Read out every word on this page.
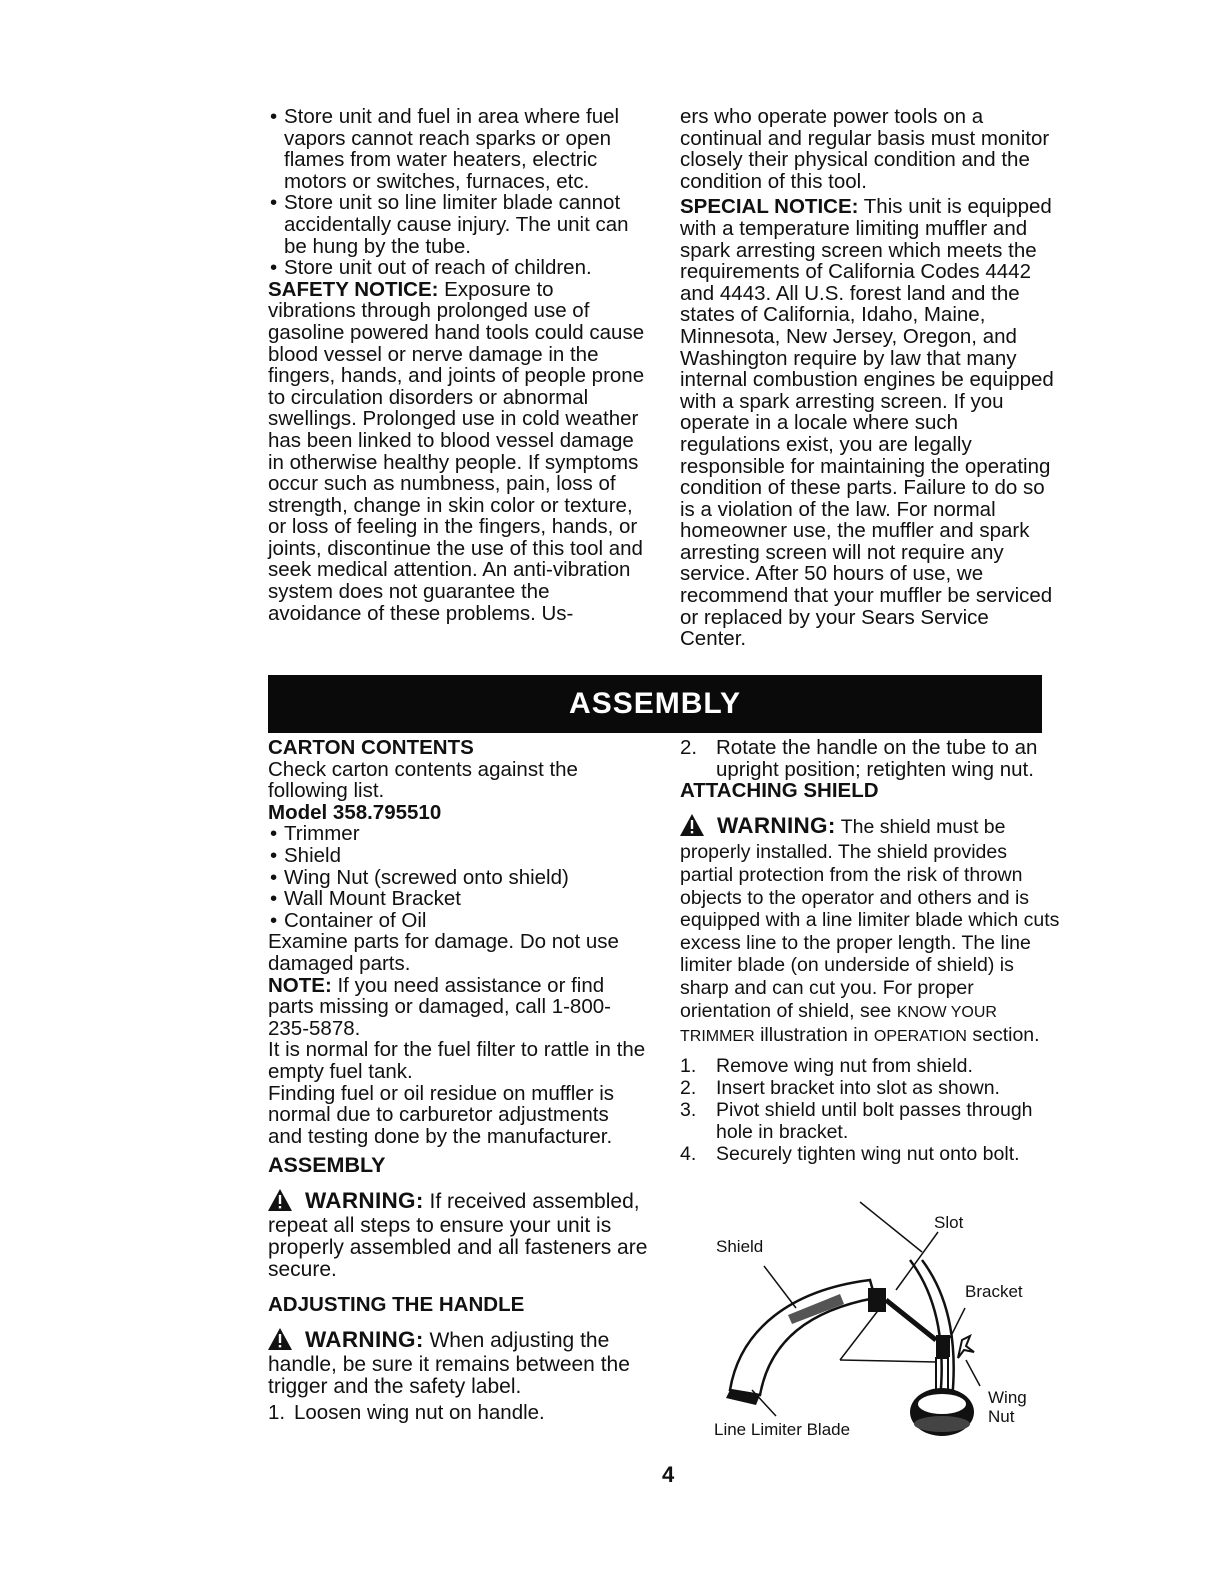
• Store unit and fuel in area where fuel vapors cannot reach sparks or open flames from water heaters, electric motors or switches, furnaces, etc.
• Store unit so line limiter blade cannot accidentally cause injury. The unit can be hung by the tube.
• Store unit out of reach of children.

SAFETY NOTICE: Exposure to vibrations through prolonged use of gasoline powered hand tools could cause blood vessel or nerve damage in the fingers, hands, and joints of people prone to circulation disorders or abnormal swellings. Prolonged use in cold weather has been linked to blood vessel damage in otherwise healthy people. If symptoms occur such as numbness, pain, loss of strength, change in skin color or texture, or loss of feeling in the fingers, hands, or joints, discontinue the use of this tool and seek medical attention. An anti-vibration system does not guarantee the avoidance of these problems. Us-

ers who operate power tools on a continual and regular basis must monitor closely their physical condition and the condition of this tool.

SPECIAL NOTICE: This unit is equipped with a temperature limiting muffler and spark arresting screen which meets the requirements of California Codes 4442 and 4443. All U.S. forest land and the states of California, Idaho, Maine, Minnesota, New Jersey, Oregon, and Washington require by law that many internal combustion engines be equipped with a spark arresting screen. If you operate in a locale where such regulations exist, you are legally responsible for maintaining the operating condition of these parts. Failure to do so is a violation of the law. For normal homeowner use, the muffler and spark arresting screen will not require any service. After 50 hours of use, we recommend that your muffler be serviced or replaced by your Sears Service Center.

ASSEMBLY

CARTON CONTENTS

Check carton contents against the following list.

Model 358.795510

• Trimmer
• Shield
• Wing Nut (screwed onto shield)
• Wall Mount Bracket
• Container of Oil

Examine parts for damage. Do not use damaged parts.

NOTE: If you need assistance or find parts missing or damaged, call 1-800-235-5878.

It is normal for the fuel filter to rattle in the empty fuel tank.

Finding fuel or oil residue on muffler is normal due to carburetor adjustments and testing done by the manufacturer.

ASSEMBLY

WARNING: If received assembled, repeat all steps to ensure your unit is properly assembled and all fasteners are secure.

ADJUSTING THE HANDLE

WARNING: When adjusting the handle, be sure it remains between the trigger and the safety label.

1. Loosen wing nut on handle.
2. Rotate the handle on the tube to an upright position; retighten wing nut.

ATTACHING SHIELD

WARNING: The shield must be properly installed. The shield provides partial protection from the risk of thrown objects to the operator and others and is equipped with a line limiter blade which cuts excess line to the proper length. The line limiter blade (on underside of shield) is sharp and can cut you. For proper orientation of shield, see KNOW YOUR TRIMMER illustration in OPERATION section.

1. Remove wing nut from shield.
2. Insert bracket into slot as shown.
3. Pivot shield until bolt passes through hole in bracket.
4. Securely tighten wing nut onto bolt.
Slot
Shield
Bracket
Wing
Nut
Line Limiter Blade
4
